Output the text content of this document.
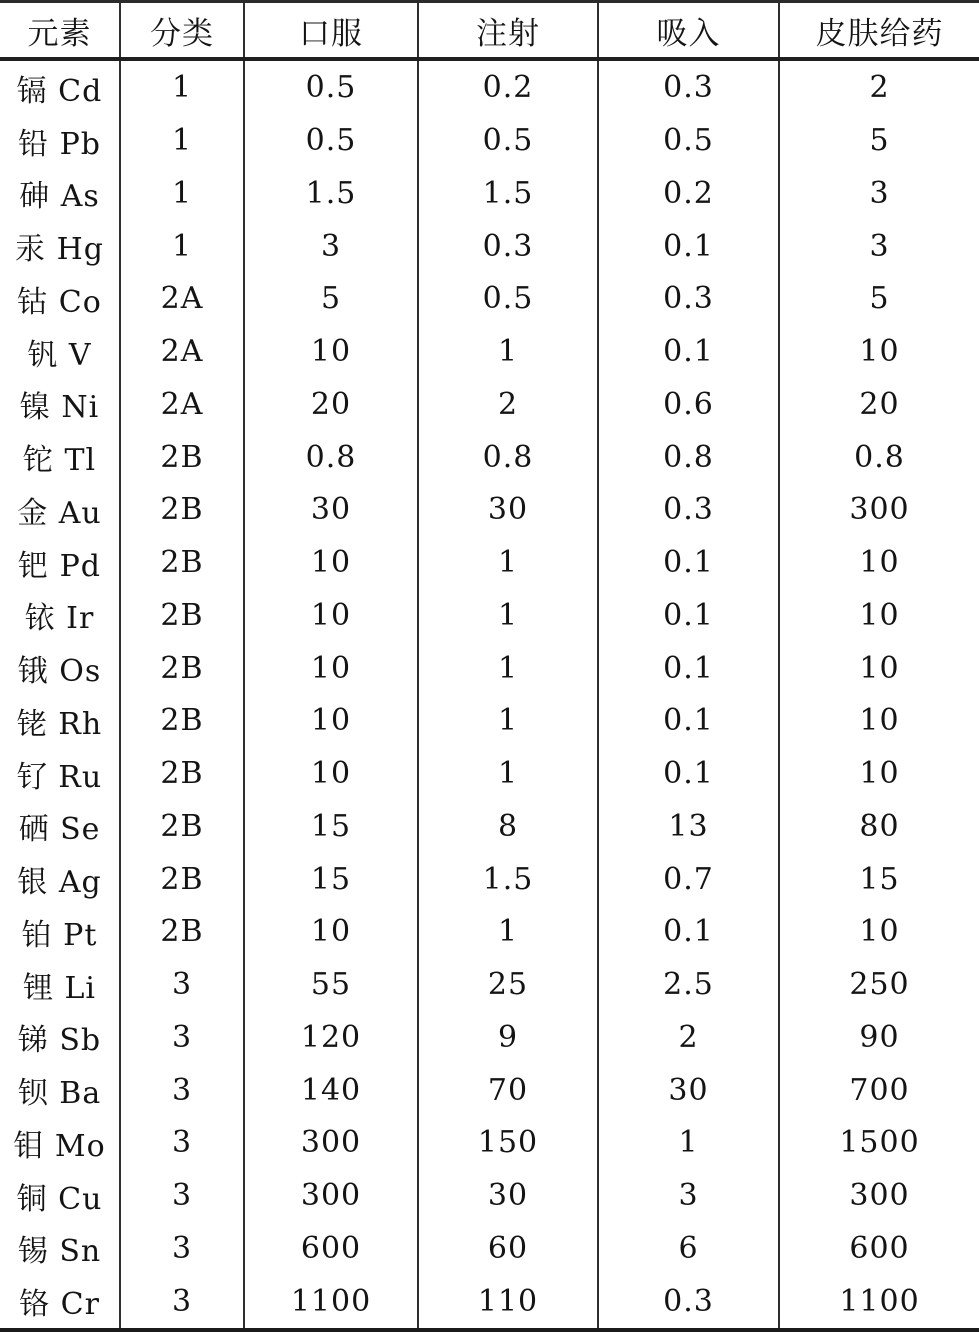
元素	分类	口服	注射	吸入	皮肤给药
镉 Cd	1	0.5	0.2	0.3	2
铅 Pb	1	0.5	0.5	0.5	5
砷 As	1	1.5	1.5	0.2	3
汞 Hg	1	3	0.3	0.1	3
钴 Co	2A	5	0.5	0.3	5
钒 V	2A	10	1	0.1	10
镍 Ni	2A	20	2	0.6	20
铊 Tl	2B	0.8	0.8	0.8	0.8
金 Au	2B	30	30	0.3	300
钯 Pd	2B	10	1	0.1	10
铱 Ir	2B	10	1	0.1	10
锇 Os	2B	10	1	0.1	10
铑 Rh	2B	10	1	0.1	10
钌 Ru	2B	10	1	0.1	10
硒 Se	2B	15	8	13	80
银 Ag	2B	15	1.5	0.7	15
铂 Pt	2B	10	1	0.1	10
锂 Li	3	55	25	2.5	250
锑 Sb	3	120	9	2	90
钡 Ba	3	140	70	30	700
钼 Mo	3	300	150	1	1500
铜 Cu	3	300	30	3	300
锡 Sn	3	600	60	6	600
铬 Cr	3	1100	110	0.3	1100
